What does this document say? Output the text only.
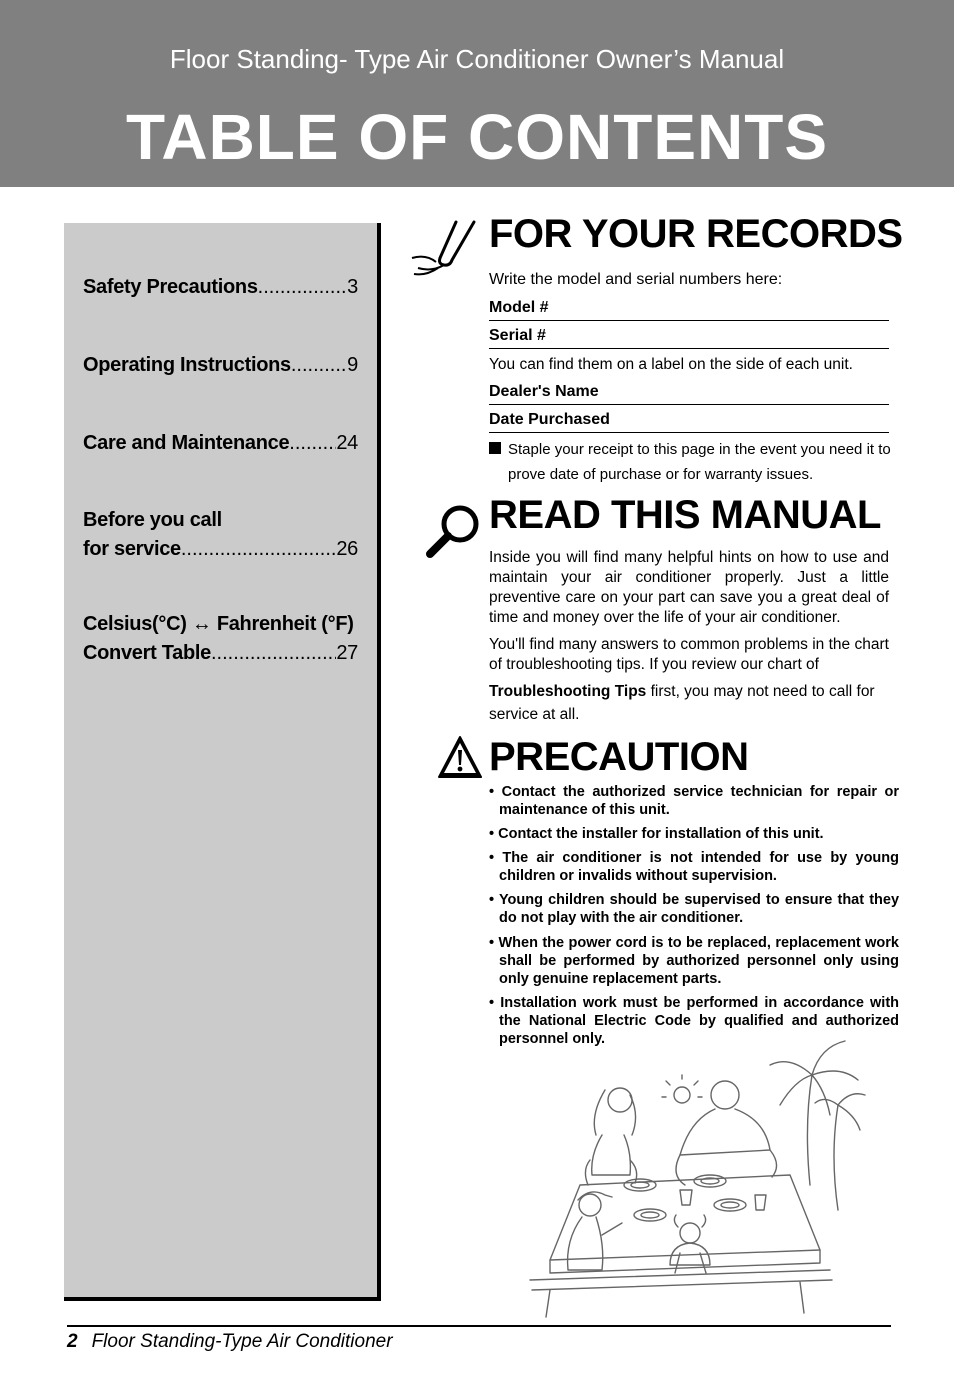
Floor Standing- Type Air Conditioner Owner’s Manual
TABLE OF CONTENTS
Safety Precautions .....	3
Operating Instructions .....	9
Care and Maintenance ..... 24
Before you call
for service .....	26
Celsius(°C) ↔ Fahrenheit (°F)
Convert Table .....	27
FOR YOUR RECORDS
Write the model and serial numbers here:
Model #
Serial #
You can find them on a label on the side of each unit.
Dealer's Name
Date Purchased
Staple your receipt to this page in the event you need it to prove date of purchase or for warranty issues.
READ THIS MANUAL
Inside you will find many helpful hints on how to use and maintain your air conditioner properly. Just a little preventive care on your part can save you a great deal of time and money over the life of your air conditioner.
You'll find many answers to common problems in the chart of troubleshooting tips. If you review our chart of
Troubleshooting Tips first, you may not need to call for service at all.
PRECAUTION
• Contact the authorized service technician for repair or maintenance of this unit.
• Contact the installer for installation of this unit.
• The air conditioner is not intended for use by young children or invalids without supervision.
• Young children should be supervised to ensure that they do not play with the air conditioner.
• When the power cord is to be replaced, replacement work shall be performed by authorized personnel only using only genuine replacement parts.
• Installation work must be performed in accordance with the National Electric Code by qualified and authorized personnel only.
2 Floor Standing-Type Air Conditioner
